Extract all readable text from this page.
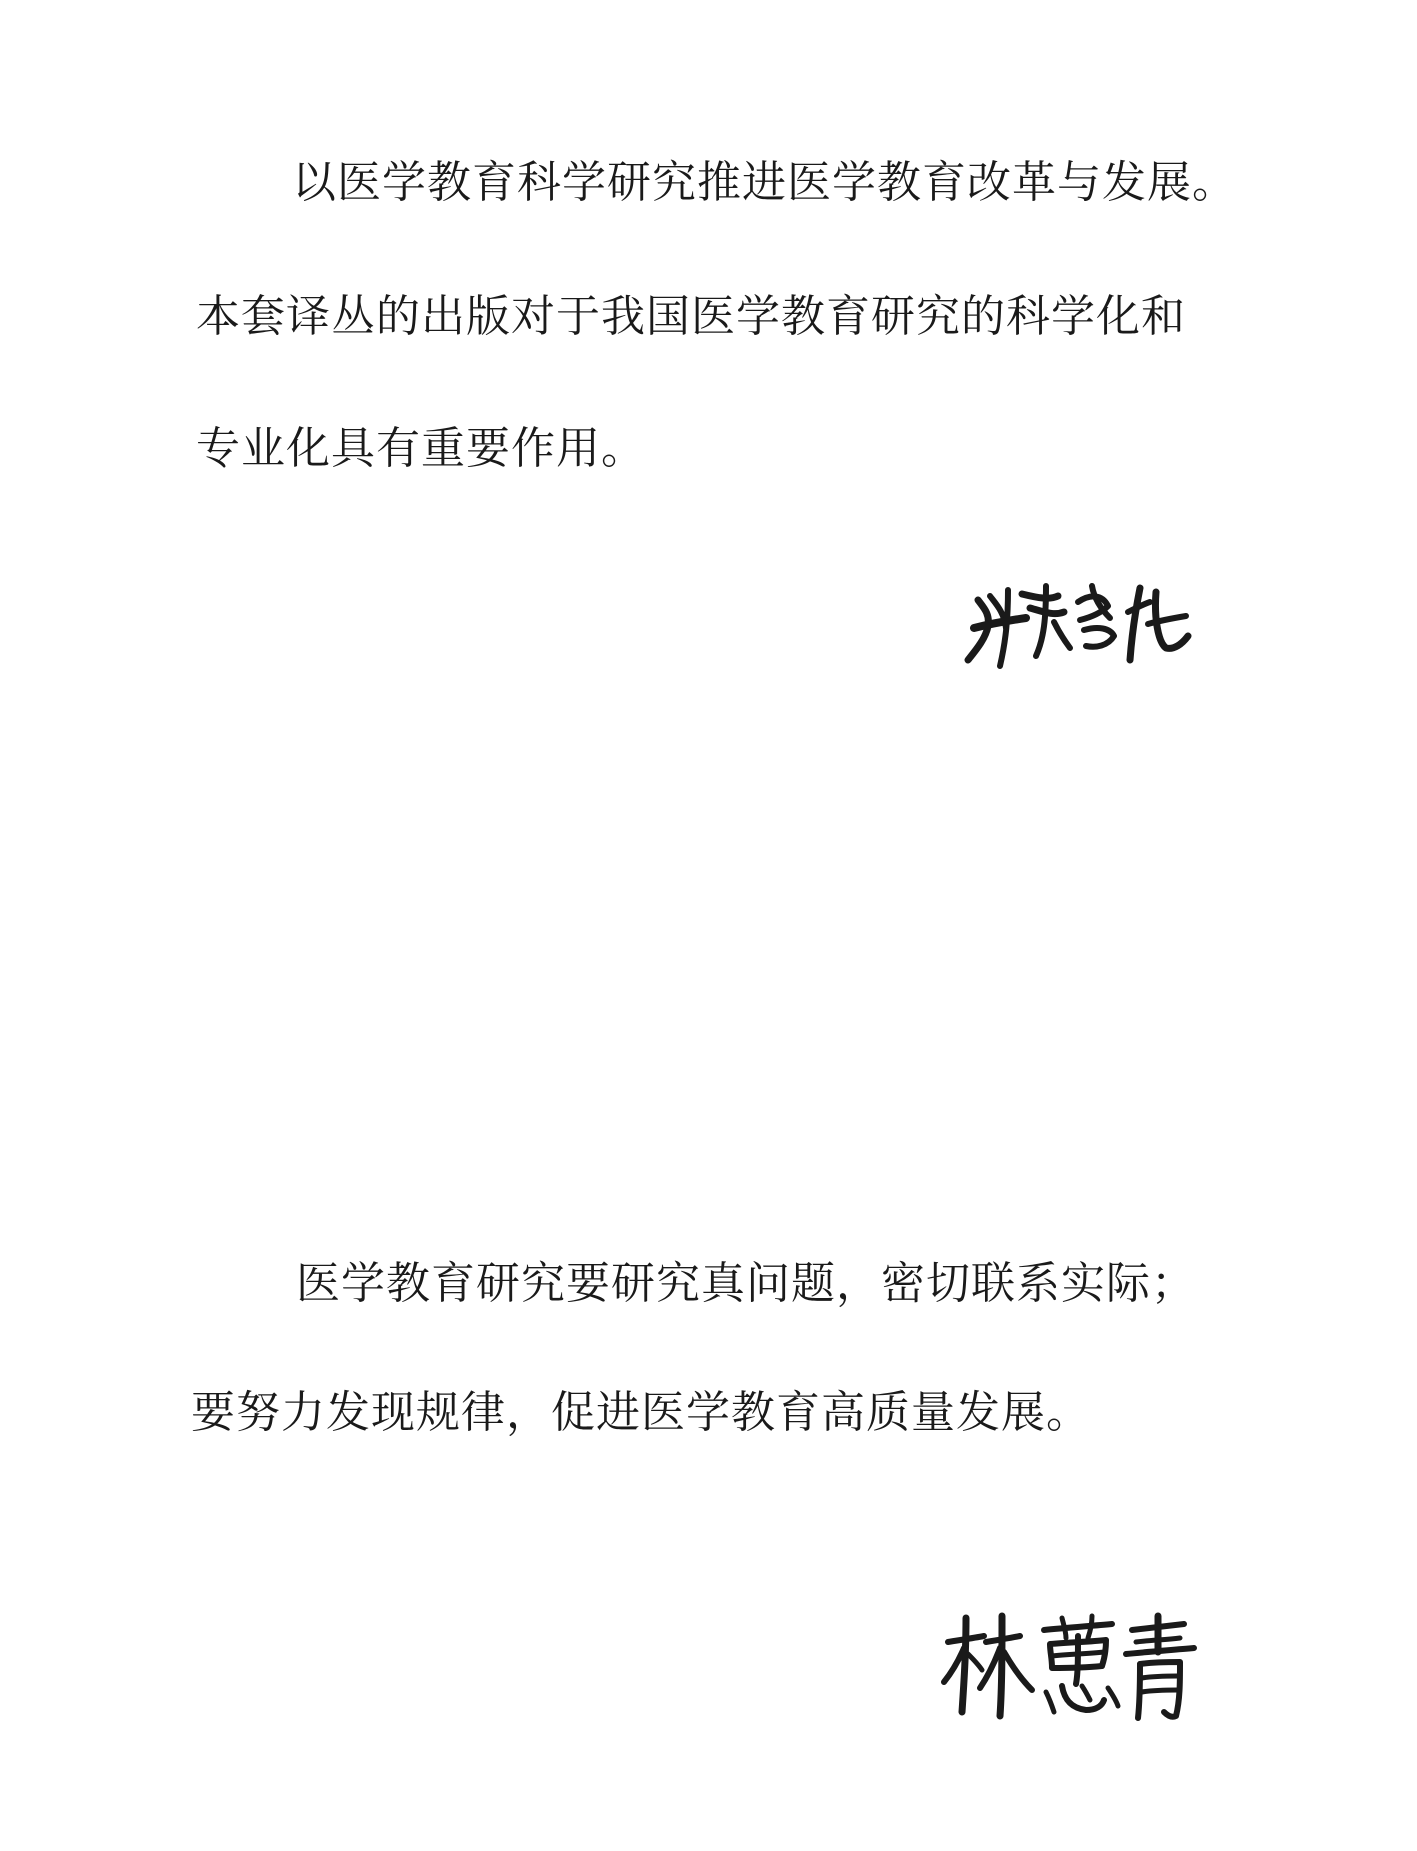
以医学教育科学研究推进医学教育改革与发展。
本套译丛的出版对于我国医学教育研究的科学化和
专业化具有重要作用。
医学教育研究要研究真问题，密切联系实际；
要努力发现规律，促进医学教育高质量发展。
